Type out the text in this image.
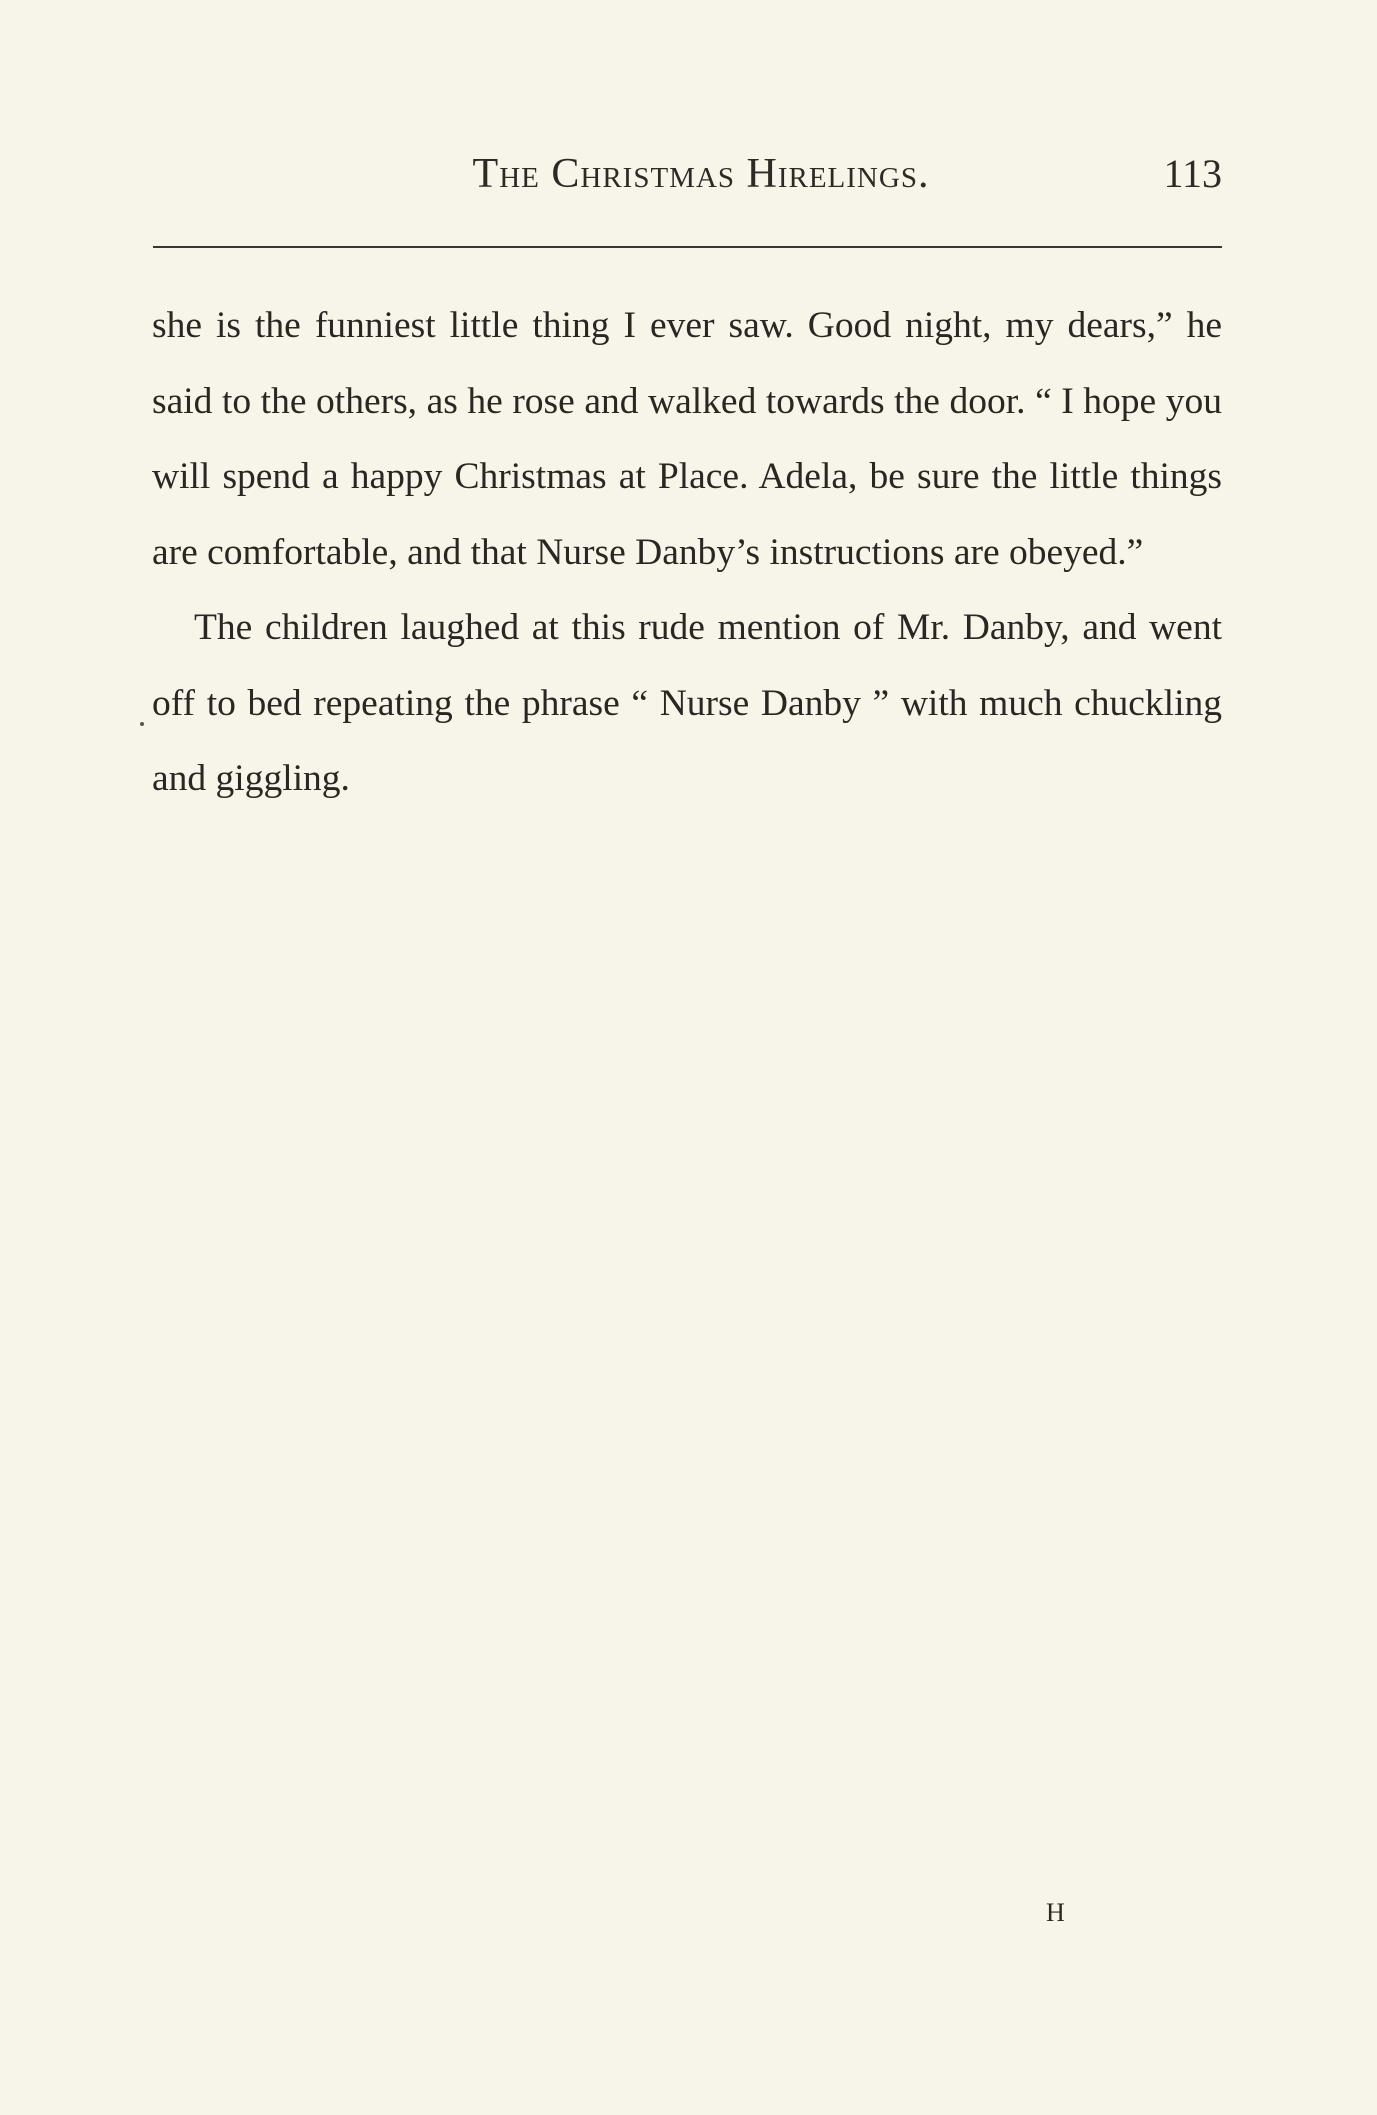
The Christmas Hirelings.	113

she is the funniest little thing I ever saw. Good night, my dears,” he said to the others, as he rose and walked towards the door. “ I hope you will spend a happy Christmas at Place. Adela, be sure the little things are comfortable, and that Nurse Danby’s instructions are obeyed.”

The children laughed at this rude mention of Mr. Danby, and went off to bed repeating the phrase “ Nurse Danby ” with much chuckling and giggling.

H
